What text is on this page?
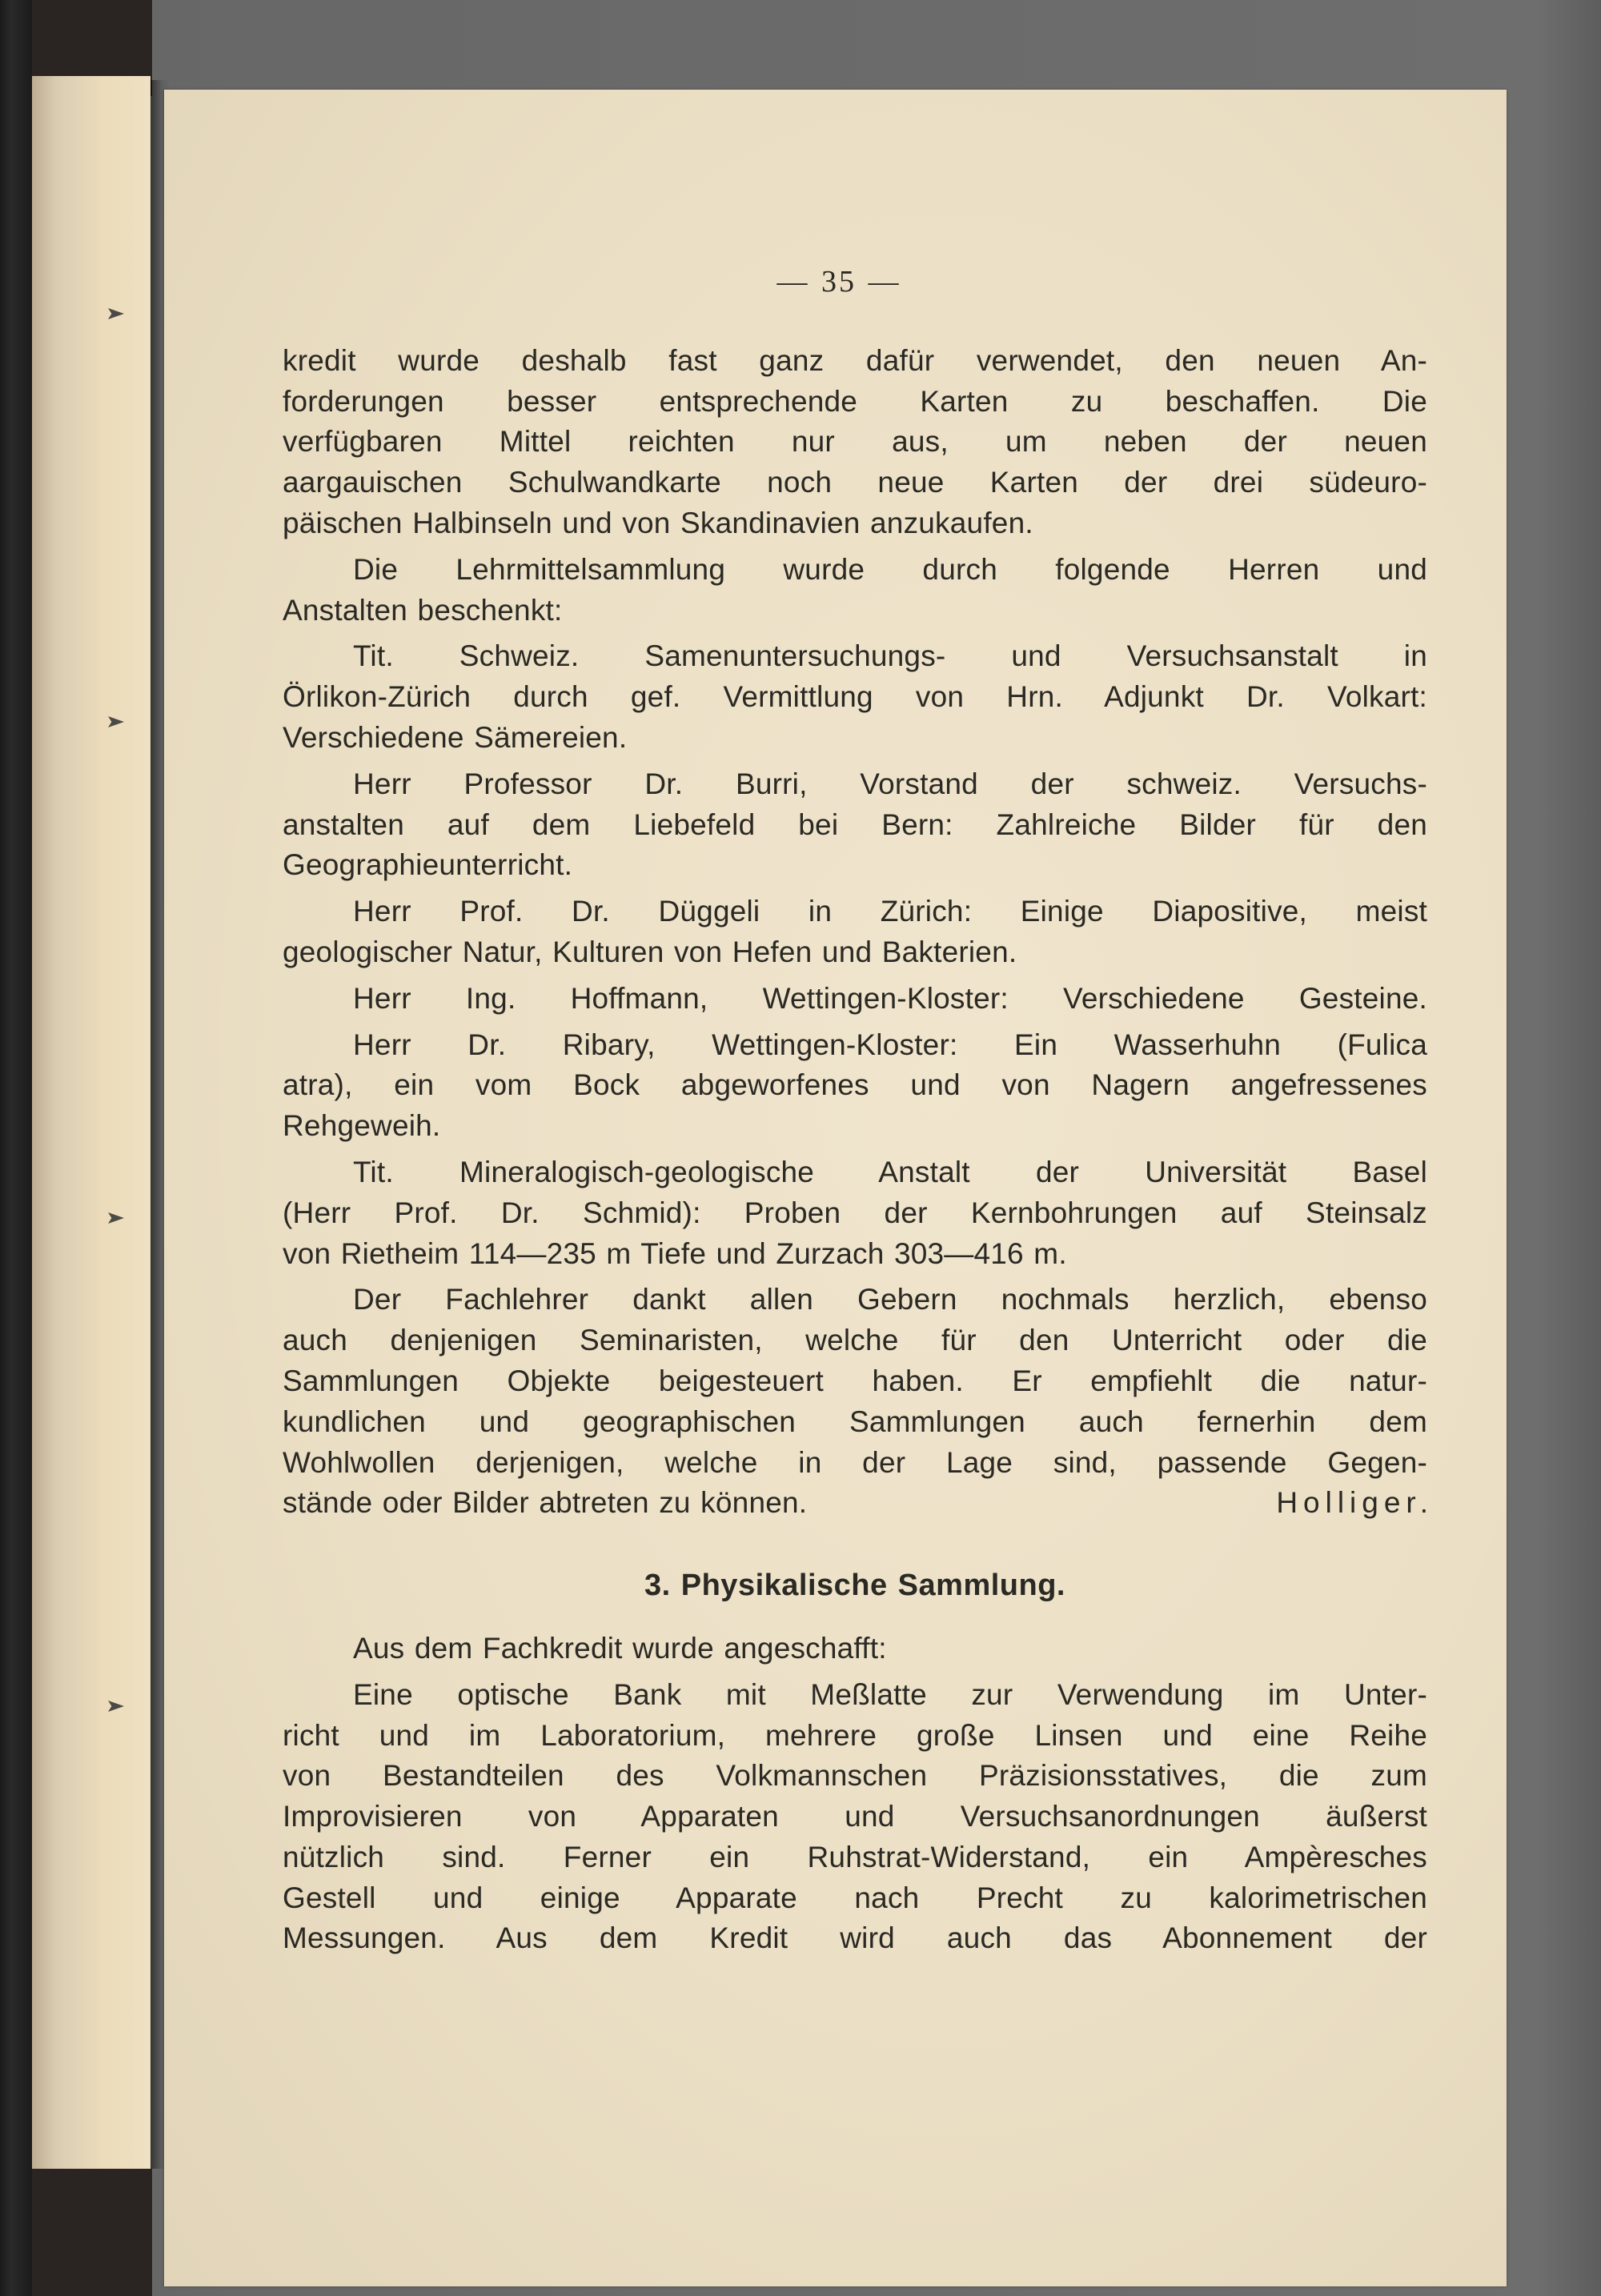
— 35 —
kredit wurde deshalb fast ganz dafür verwendet, den neuen An-
forderungen besser entsprechende Karten zu beschaffen. Die
verfügbaren Mittel reichten nur aus, um neben der neuen
aargauischen Schulwandkarte noch neue Karten der drei südeuro-
päischen Halbinseln und von Skandinavien anzukaufen.
Die Lehrmittelsammlung wurde durch folgende Herren und
Anstalten beschenkt:
Tit. Schweiz. Samenuntersuchungs- und Versuchsanstalt in
Örlikon-Zürich durch gef. Vermittlung von Hrn. Adjunkt Dr. Volkart:
Verschiedene Sämereien.
Herr Professor Dr. Burri, Vorstand der schweiz. Versuchs-
anstalten auf dem Liebefeld bei Bern: Zahlreiche Bilder für den
Geographieunterricht.
Herr Prof. Dr. Düggeli in Zürich: Einige Diapositive, meist
geologischer Natur, Kulturen von Hefen und Bakterien.
Herr Ing. Hoffmann, Wettingen-Kloster: Verschiedene Gesteine.
Herr Dr. Ribary, Wettingen-Kloster: Ein Wasserhuhn (Fulica
atra), ein vom Bock abgeworfenes und von Nagern angefressenes
Rehgeweih.
Tit. Mineralogisch-geologische Anstalt der Universität Basel
(Herr Prof. Dr. Schmid): Proben der Kernbohrungen auf Steinsalz
von Rietheim 114—235 m Tiefe und Zurzach 303—416 m.
Der Fachlehrer dankt allen Gebern nochmals herzlich, ebenso
auch denjenigen Seminaristen, welche für den Unterricht oder die
Sammlungen Objekte beigesteuert haben. Er empfiehlt die natur-
kundlichen und geographischen Sammlungen auch fernerhin dem
Wohlwollen derjenigen, welche in der Lage sind, passende Gegen-
stände oder Bilder abtreten zu können.	Holliger.
3. Physikalische Sammlung.
Aus dem Fachkredit wurde angeschafft:
Eine optische Bank mit Meßlatte zur Verwendung im Unter-
richt und im Laboratorium, mehrere große Linsen und eine Reihe
von Bestandteilen des Volkmannschen Präzisionsstatives, die zum
Improvisieren von Apparaten und Versuchsanordnungen äußerst
nützlich sind. Ferner ein Ruhstrat-Widerstand, ein Ampèresches
Gestell und einige Apparate nach Precht zu kalorimetrischen
Messungen. Aus dem Kredit wird auch das Abonnement der
